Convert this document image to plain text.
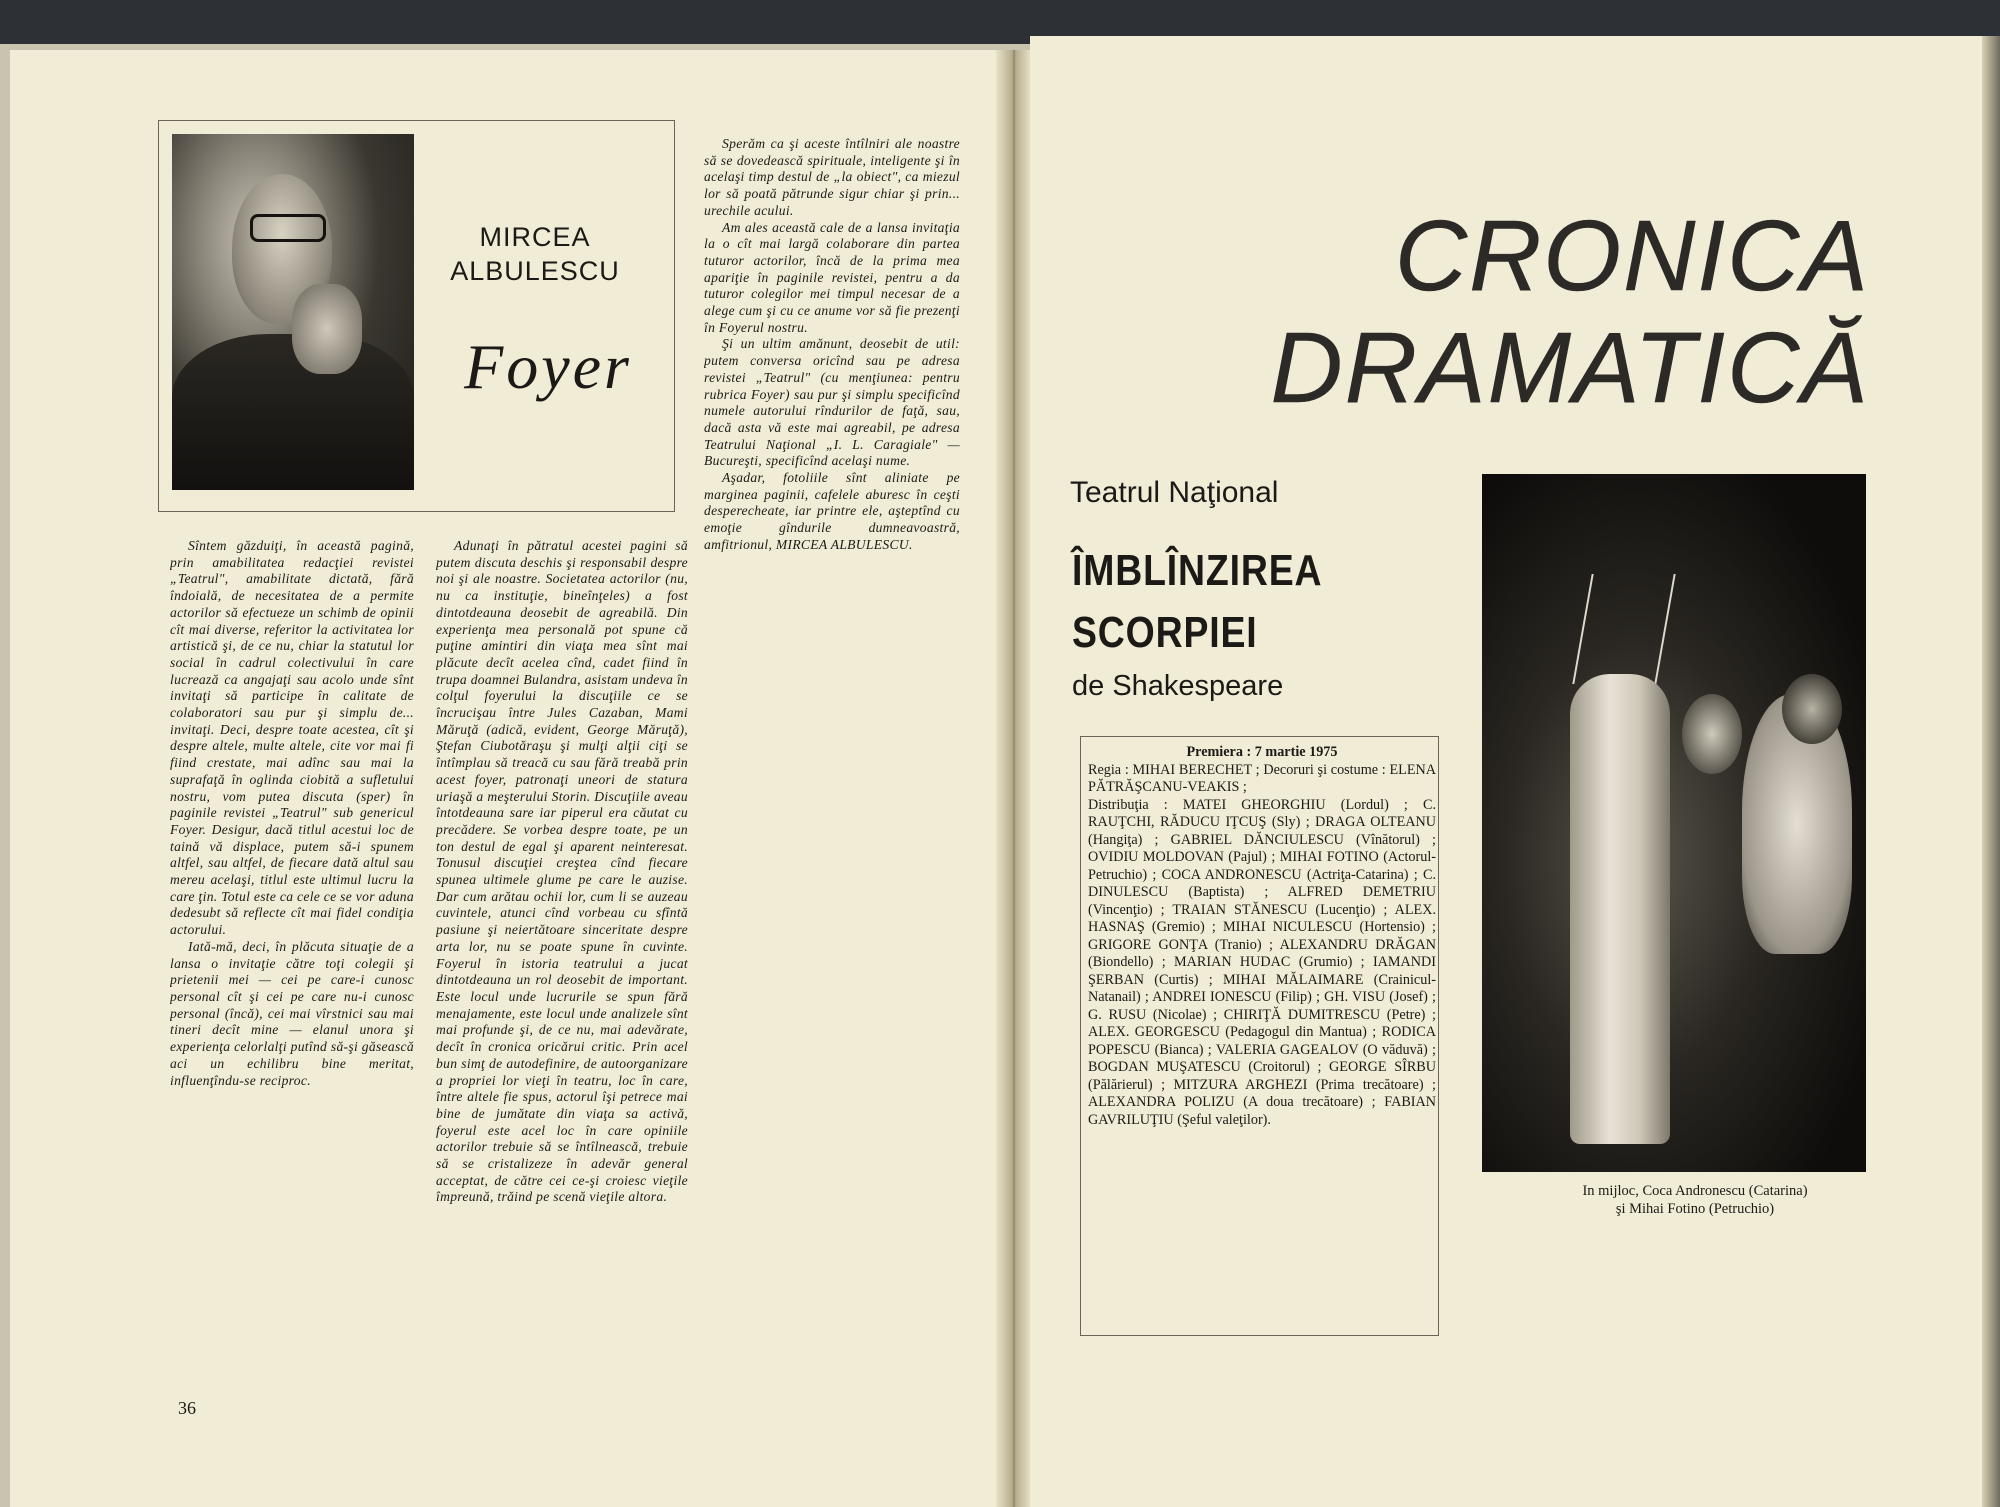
MIRCEA ALBULESCU
Foyer

Sîntem găzduiţi, în această pagină, prin amabilitatea redacţiei revistei „Teatrul", amabilitate dictată, fără îndoială, de necesitatea de a permite actorilor să efectueze un schimb de opinii cît mai diverse, referitor la activitatea lor artistică şi, de ce nu, chiar la statutul lor social în cadrul colectivului în care lucrează ca angajaţi sau acolo unde sînt invitaţi să participe în calitate de colaboratori sau pur şi simplu de... invitaţi. Deci, despre toate acestea, cît şi despre altele, multe altele, cite vor mai fi fiind crestate, mai adînc sau mai la suprafaţă în oglinda ciobită a sufletului nostru, vom putea discuta (sper) în paginile revistei „Teatrul" sub genericul Foyer. Desigur, dacă titlul acestui loc de taină vă displace, putem să-i spunem altfel, sau altfel, de fiecare dată altul sau mereu acelaşi, titlul este ultimul lucru la care ţin. Totul este ca cele ce se vor aduna dedesubt să reflecte cît mai fidel condiţia actorului.

Iată-mă, deci, în plăcuta situaţie de a lansa o invitaţie către toţi colegii şi prietenii mei — cei pe care-i cunosc personal cît şi cei pe care nu-i cunosc personal (încă), cei mai vîrstnici sau mai tineri decît mine — elanul unora şi experienţa celorlalţi putînd să-şi găsească aci un echilibru bine meritat, influenţîndu-se reciproc.

Adunaţi în pătratul acestei pagini să putem discuta deschis şi responsabil despre noi şi ale noastre. Societatea actorilor (nu, nu ca instituţie, bineînţeles) a fost dintotdeauna deosebit de agreabilă. Din experienţa mea personală pot spune că puţine amintiri din viaţa mea sînt mai plăcute decît acelea cînd, cadet fiind în trupa doamnei Bulandra, asistam undeva în colţul foyerului la discuţiile ce se încrucişau între Jules Cazaban, Mami Măruţă (adică, evident, George Măruţă), Ştefan Ciubotăraşu şi mulţi alţii ciţi se întîmplau să treacă cu sau fără treabă prin acest foyer, patronaţi uneori de statura uriaşă a meşterului Storin. Discuţiile aveau întotdeauna sare iar piperul era căutat cu precădere. Se vorbea despre toate, pe un ton destul de egal şi aparent neinteresat. Tonusul discuţiei creştea cînd fiecare spunea ultimele glume pe care le auzise. Dar cum arătau ochii lor, cum li se auzeau cuvintele, atunci cînd vorbeau cu sfîntă pasiune şi neiertătoare sinceritate despre arta lor, nu se poate spune în cuvinte. Foyerul în istoria teatrului a jucat dintotdeauna un rol deosebit de important. Este locul unde lucrurile se spun fără menajamente, este locul unde analizele sînt mai profunde şi, de ce nu, mai adevărate, decît în cronica oricărui critic. Prin acel bun simţ de autodefinire, de autoorganizare a propriei lor vieţi în teatru, loc în care, între altele fie spus, actorul îşi petrece mai bine de jumătate din viaţa sa activă, foyerul este acel loc în care opiniile actorilor trebuie să se întîlnească, trebuie să se cristalizeze în adevăr general acceptat, de către cei ce-şi croiesc vieţile împreună, trăind pe scenă vieţile altora.

Sperăm ca şi aceste întîlniri ale noastre să se dovedească spirituale, inteligente şi în acelaşi timp destul de „la obiect", ca miezul lor să poată pătrunde sigur chiar şi prin... urechile acului.

Am ales această cale de a lansa invitaţia la o cît mai largă colaborare din partea tuturor actorilor, încă de la prima mea apariţie în paginile revistei, pentru a da tuturor colegilor mei timpul necesar de a alege cum şi cu ce anume vor să fie prezenţi în Foyerul nostru.

Şi un ultim amănunt, deosebit de util: putem conversa oricînd sau pe adresa revistei „Teatrul" (cu menţiunea: pentru rubrica Foyer) sau pur şi simplu specificînd numele autorului rîndurilor de faţă, sau, dacă asta vă este mai agreabil, pe adresa Teatrului Naţional „I. L. Caragiale" — Bucureşti, specificînd acelaşi nume.

Aşadar, fotoliile sînt aliniate pe marginea paginii, cafelele aburesc în ceşti desperecheate, iar printre ele, aşteptînd cu emoţie gîndurile dumneavoastră, amfitrionul, MIRCEA ALBULESCU.

36
CRONICA
DRAMATICĂ
Teatrul Naţional
ÎMBLÎNZIREA
SCORPIEI
de Shakespeare
Premiera : 7 martie 1975
Regia : MIHAI BERECHET ; Decoruri şi costume : ELENA PĂTRĂŞCANU-VEAKIS ;
Distribuţia : MATEI GHEORGHIU (Lordul) ; C. RAUŢCHI, RĂDUCU IŢCUŞ (Sly) ; DRAGA OLTEANU (Hangiţa) ; GABRIEL DĂNCIULESCU (Vînătorul) ; OVIDIU MOLDOVAN (Pajul) ; MIHAI FOTINO (Actorul-Petruchio) ; COCA ANDRONESCU (Actriţa-Catarina) ; C. DINULESCU (Baptista) ; ALFRED DEMETRIU (Vincenţio) ; TRAIAN STĂNESCU (Lucenţio) ; ALEX. HASNAŞ (Gremio) ; MIHAI NICULESCU (Hortensio) ; GRIGORE GONŢA (Tranio) ; ALEXANDRU DRĂGAN (Biondello) ; MARIAN HUDAC (Grumio) ; IAMANDI ŞERBAN (Curtis) ; MIHAI MĂLAIMARE (Crainicul-Natanail) ; ANDREI IONESCU (Filip) ; GH. VISU (Josef) ; G. RUSU (Nicolae) ; CHIRIŢĂ DUMITRESCU (Petre) ; ALEX. GEORGESCU (Pedagogul din Mantua) ; RODICA POPESCU (Bianca) ; VALERIA GAGEALOV (O văduvă) ; BOGDAN MUŞATESCU (Croitorul) ; GEORGE SÎRBU (Pălărierul) ; MITZURA ARGHEZI (Prima trecătoare) ; ALEXANDRA POLIZU (A doua trecătoare) ; FABIAN GAVRILUŢIU (Şeful valeţilor).
In mijloc, Coca Andronescu (Catarina)
şi Mihai Fotino (Petruchio)
